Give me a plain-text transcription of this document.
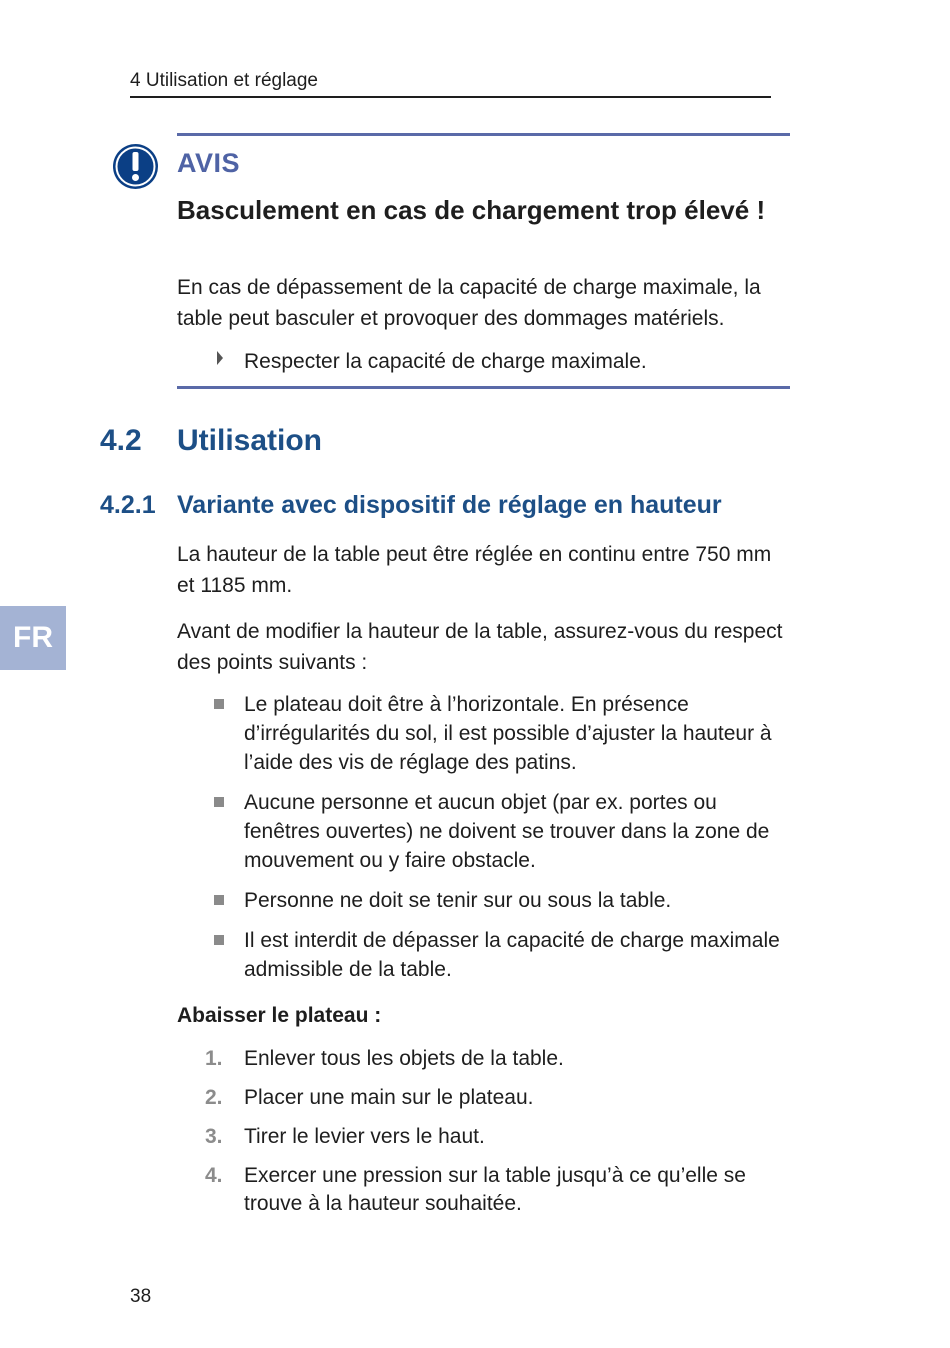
4 Utilisation et réglage
AVIS
Basculement en cas de chargement trop élevé !

En cas de dépassement de la capacité de charge maximale, la table peut basculer et provoquer des dommages matériels.

Respecter la capacité de charge maximale.
FR
4.2 Utilisation
4.2.1 Variante avec dispositif de réglage en hauteur

La hauteur de la table peut être réglée en continu entre 750 mm et 1185 mm.

Avant de modifier la hauteur de la table, assurez-vous du respect des points suivants :

Le plateau doit être à l’horizontale. En présence d’irrégularités du sol, il est possible d’ajuster la hauteur à l’aide des vis de réglage des patins.
Aucune personne et aucun objet (par ex. portes ou fenêtres ouvertes) ne doivent se trouver dans la zone de mouvement ou y faire obstacle.
Personne ne doit se tenir sur ou sous la table.
Il est interdit de dépasser la capacité de charge maximale admissible de la table.
Abaisser le plateau :
1. Enlever tous les objets de la table.
2. Placer une main sur le plateau.
3. Tirer le levier vers le haut.
4. Exercer une pression sur la table jusqu’à ce qu’elle se trouve à la hauteur souhaitée.
38
